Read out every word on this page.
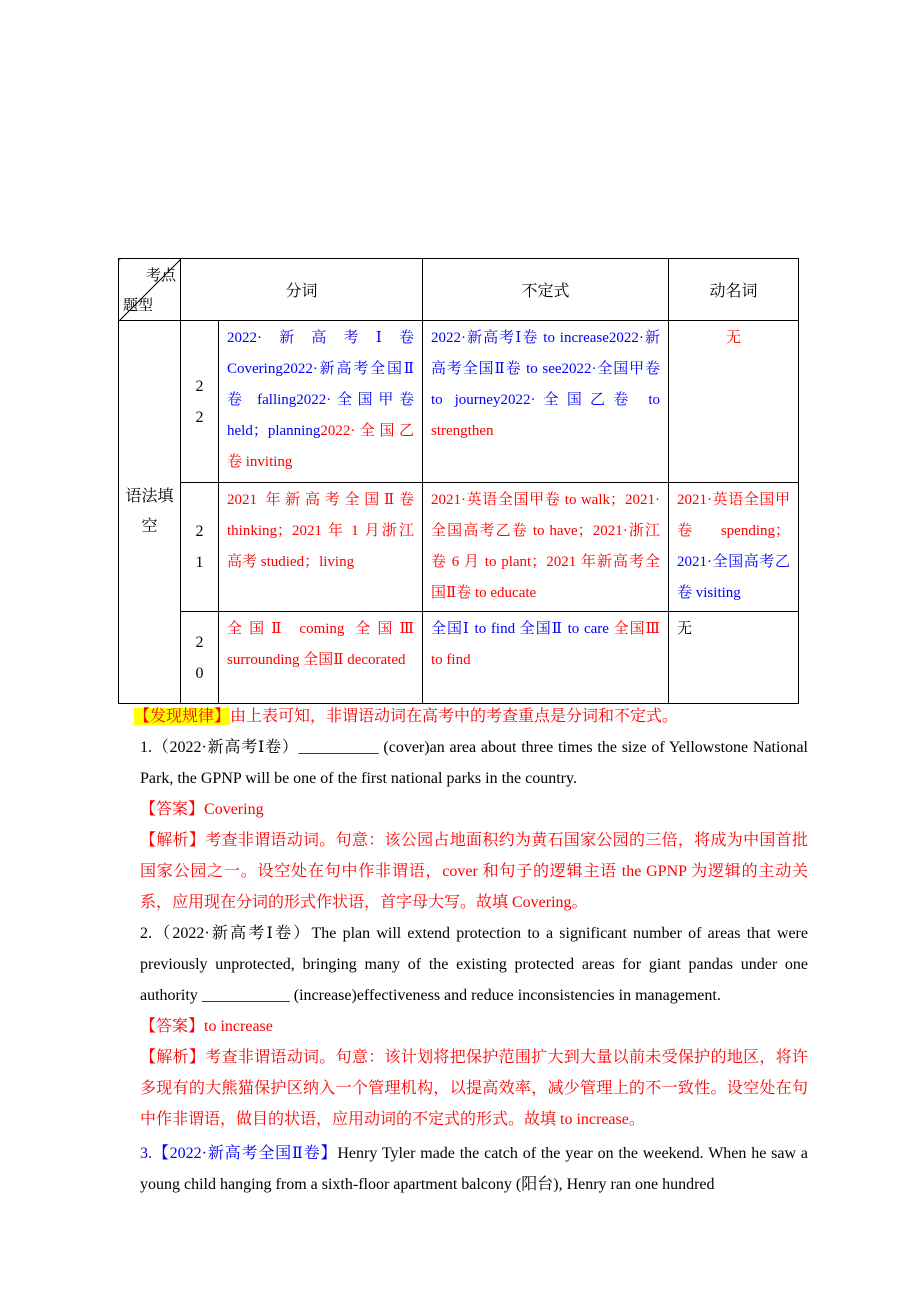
考点
题型	分词		不定式	动名词
语法填空	22	2022·新高考Ⅰ卷 Covering2022·新高考全国Ⅱ卷 falling2022·全国甲卷 held；planning2022·全国乙卷 inviting	2022·新高考Ⅰ卷 to increase2022·新高考全国Ⅱ卷 to see2022·全国甲卷 to journey2022·全国乙卷 to strengthen	无
	21	2021 年新高考全国Ⅱ卷 thinking；2021 年 1 月浙江高考 studied；living	2021·英语全国甲卷 to walk；2021·全国高考乙卷 to have；2021·浙江卷 6 月 to plant；2021 年新高考全国Ⅱ卷 to educate	2021·英语全国甲卷 spending；2021·全国高考乙卷 visiting
	20	全国Ⅱ coming 全国Ⅲ surrounding 全国Ⅱ decorated	全国Ⅰ to find 全国Ⅱ to care 全国Ⅲ to find	无

【发现规律】由上表可知，非谓语动词在高考中的考查重点是分词和不定式。

1.（2022·新高考Ⅰ卷）__________ (cover)an area about three times the size of Yellowstone National Park, the GPNP will be one of the first national parks in the country.

【答案】Covering

【解析】考查非谓语动词。句意：该公园占地面积约为黄石国家公园的三倍，将成为中国首批国家公园之一。设空处在句中作非谓语，cover 和句子的逻辑主语 the GPNP 为逻辑的主动关系，应用现在分词的形式作状语，首字母大写。故填 Covering。

2.（2022·新高考Ⅰ卷）The plan will extend protection to a significant number of areas that were previously unprotected, bringing many of the existing protected areas for giant pandas under one authority ___________ (increase)effectiveness and reduce inconsistencies in management.

【答案】to increase

【解析】考查非谓语动词。句意：该计划将把保护范围扩大到大量以前未受保护的地区，将许多现有的大熊猫保护区纳入一个管理机构，以提高效率，减少管理上的不一致性。设空处在句中作非谓语，做目的状语，应用动词的不定式的形式。故填 to increase。

3.【2022·新高考全国Ⅱ卷】Henry Tyler made the catch of the year on the weekend. When he saw a young child hanging from a sixth-floor apartment balcony (阳台), Henry ran one hundred
